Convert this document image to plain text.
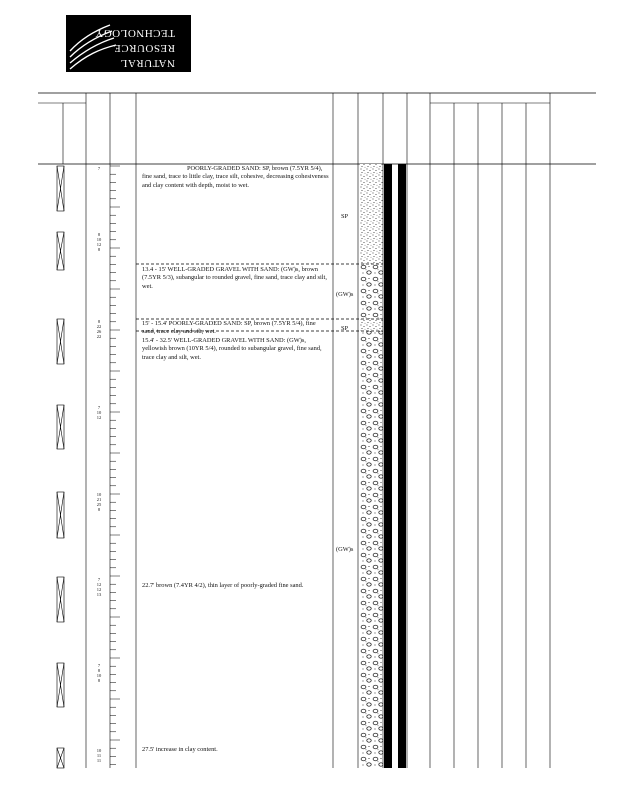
NATURAL
RESOURCE
TECHNOLOGY
POORLY-GRADED SAND: SP, brown (7.5YR 5/4), fine sand, trace to little clay, trace silt, cohesive, decreasing cohesiveness and clay content with depth, moist to wet.
13.4 - 15' WELL-GRADED GRAVEL WITH SAND: (GW)s, brown (7.5YR 5/3), subangular to rounded gravel, fine sand, trace clay and silt, wet.
15' - 15.4' POORLY-GRADED SAND: SP, brown (7.5YR 5/4), fine sand, trace clay and silt, wet.
15.4' - 32.5' WELL-GRADED GRAVEL WITH SAND: (GW)s, yellowish brown (10YR 5/4), rounded to subangular gravel, fine sand, trace clay and silt, wet.
22.7' brown (7.4YR 4/2), thin layer of poorly-graded fine sand.
27.5' increase in clay content.
SP
(GW)s
SP
(GW)s
7
8
10
12
8
8
22
26
22
7
10
12
10
21
25
8
7
12
12
13
7
8
10
8
10
11
11
